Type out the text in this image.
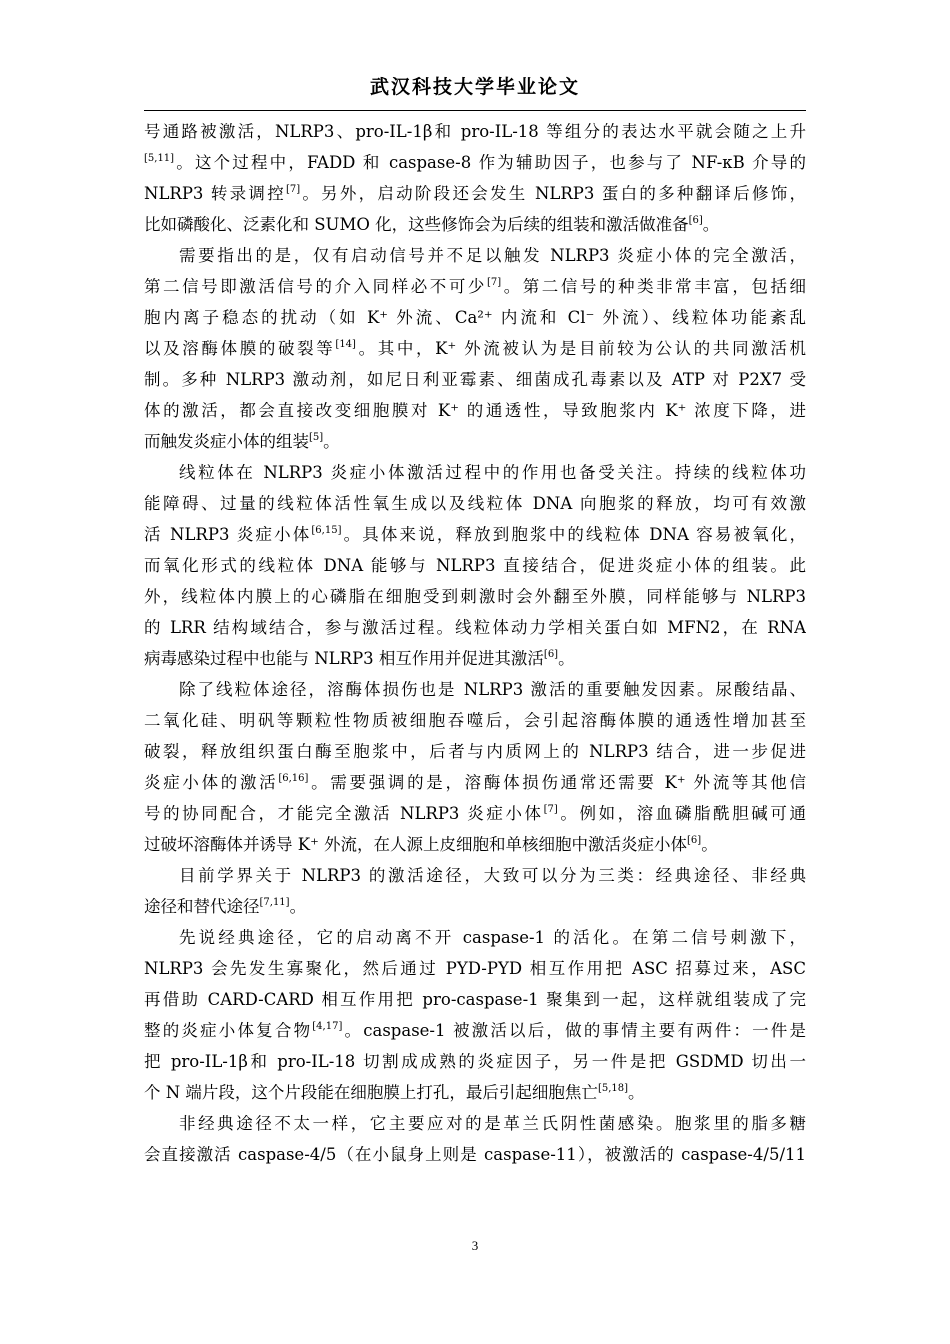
武汉科技大学毕业论文
号通路被激活，NLRP3、pro-IL-1β和 pro-IL-18 等组分的表达水平就会随之上升
[5,11]。这个过程中，FADD 和 caspase-8 作为辅助因子，也参与了 NF-κB 介导的
NLRP3 转录调控[7]。另外，启动阶段还会发生 NLRP3 蛋白的多种翻译后修饰，
比如磷酸化、泛素化和 SUMO 化，这些修饰会为后续的组装和激活做准备[6]。
需要指出的是，仅有启动信号并不足以触发 NLRP3 炎症小体的完全激活，
第二信号即激活信号的介入同样必不可少[7]。第二信号的种类非常丰富，包括细
胞内离子稳态的扰动（如 K⁺ 外流、Ca²⁺ 内流和 Cl⁻ 外流）、线粒体功能紊乱
以及溶酶体膜的破裂等[14]。其中，K⁺ 外流被认为是目前较为公认的共同激活机
制。多种 NLRP3 激动剂，如尼日利亚霉素、细菌成孔毒素以及 ATP 对 P2X7 受
体的激活，都会直接改变细胞膜对 K⁺ 的通透性，导致胞浆内 K⁺ 浓度下降，进
而触发炎症小体的组装[5]。
线粒体在 NLRP3 炎症小体激活过程中的作用也备受关注。持续的线粒体功
能障碍、过量的线粒体活性氧生成以及线粒体 DNA 向胞浆的释放，均可有效激
活 NLRP3 炎症小体[6,15]。具体来说，释放到胞浆中的线粒体 DNA 容易被氧化，
而氧化形式的线粒体 DNA 能够与 NLRP3 直接结合，促进炎症小体的组装。此
外，线粒体内膜上的心磷脂在细胞受到刺激时会外翻至外膜，同样能够与 NLRP3
的 LRR 结构域结合，参与激活过程。线粒体动力学相关蛋白如 MFN2，在 RNA
病毒感染过程中也能与 NLRP3 相互作用并促进其激活[6]。
除了线粒体途径，溶酶体损伤也是 NLRP3 激活的重要触发因素。尿酸结晶、
二氧化硅、明矾等颗粒性物质被细胞吞噬后，会引起溶酶体膜的通透性增加甚至
破裂，释放组织蛋白酶至胞浆中，后者与内质网上的 NLRP3 结合，进一步促进
炎症小体的激活[6,16]。需要强调的是，溶酶体损伤通常还需要 K⁺ 外流等其他信
号的协同配合，才能完全激活 NLRP3 炎症小体[7]。例如，溶血磷脂酰胆碱可通
过破坏溶酶体并诱导 K⁺ 外流，在人源上皮细胞和单核细胞中激活炎症小体[6]。
目前学界关于 NLRP3 的激活途径，大致可以分为三类：经典途径、非经典
途径和替代途径[7,11]。
先说经典途径，它的启动离不开 caspase-1 的活化。在第二信号刺激下，
NLRP3 会先发生寡聚化，然后通过 PYD-PYD 相互作用把 ASC 招募过来，ASC
再借助 CARD-CARD 相互作用把 pro-caspase-1 聚集到一起，这样就组装成了完
整的炎症小体复合物[4,17]。caspase-1 被激活以后，做的事情主要有两件：一件是
把 pro-IL-1β和 pro-IL-18 切割成成熟的炎症因子，另一件是把 GSDMD 切出一
个 N 端片段，这个片段能在细胞膜上打孔，最后引起细胞焦亡[5,18]。
非经典途径不太一样，它主要应对的是革兰氏阴性菌感染。胞浆里的脂多糖
会直接激活 caspase-4/5（在小鼠身上则是 caspase-11），被激活的 caspase-4/5/11
3
